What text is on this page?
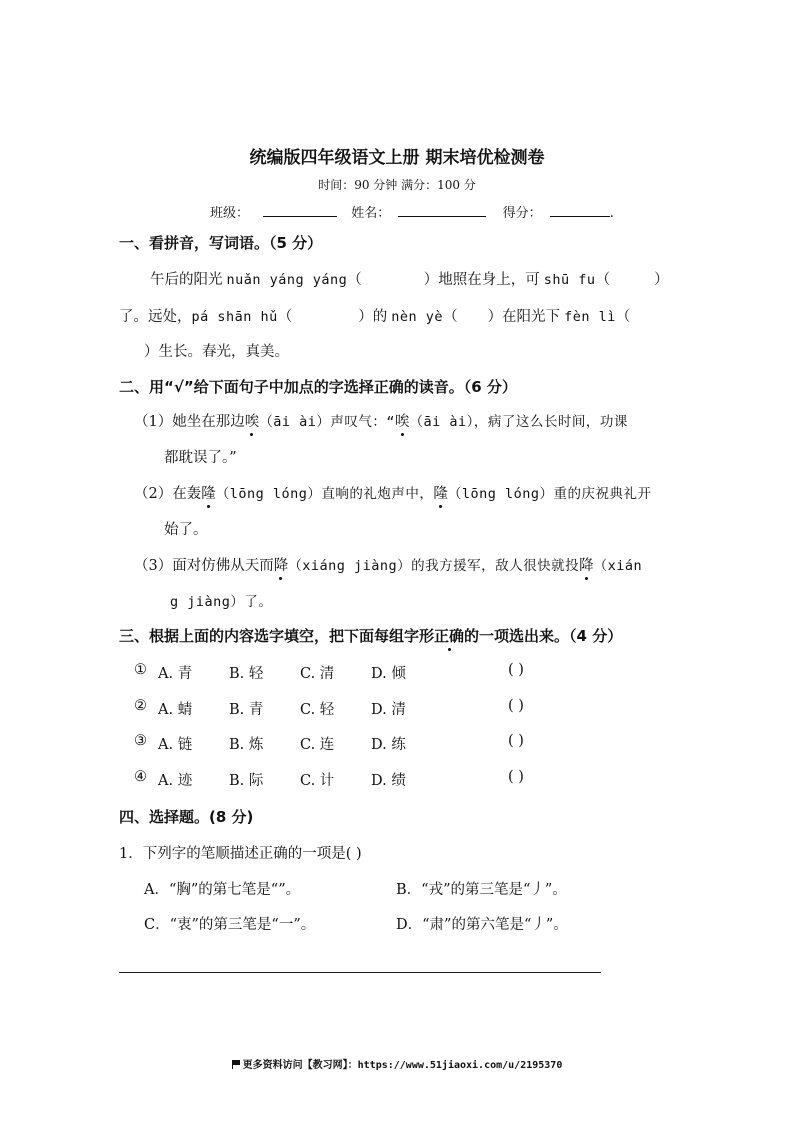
统编版四年级语文上册 期末培优检测卷
时间：90 分钟 满分：100 分
班级：	姓名：	得分：	.
一、看拼音，写词语。（5 分）
午后的阳光 nuǎn yáng yáng（	）地照在身上，可 shū fu（	）
了。远处，pá shān hǔ（	）的 nèn yè（ ）在阳光下 fèn lì（
）生长。春光，真美。
二、用“√”给下面句子中加点的字选择正确的读音。（6 分）
（1）她坐在那边唉（āi ài）声叹气：“唉（āi ài），病了这么长时间，功课
都耽误了。”
（2）在轰隆（lōng lóng）直响的礼炮声中，隆（lōng lóng）重的庆祝典礼开
始了。
（3）面对仿佛从天而降（xiáng jiàng）的我方援军，敌人很快就投降（xián
g jiàng）了。
三、根据上面的内容选字填空，把下面每组字形正确的一项选出来。（4 分）
① A. 青	B. 轻	C. 清	D. 倾	( )
② A. 蜻	B. 青	C. 轻	D. 清	( )
③ A. 链	B. 炼	C. 连	D. 练	( )
④ A. 迹	B. 际	C. 计	D. 绩	( )
四、选择题。(8 分)
1．下列字的笔顺描述正确的一项是( )
A．“胸”的第七笔是“”。	B．“戎”的第三笔是“丿”。
C．“衷”的第三笔是“一”。	D．“肃”的第六笔是“丿”。
更多资料访问【教习网】：https://www.51jiaoxi.com/u/2195370
